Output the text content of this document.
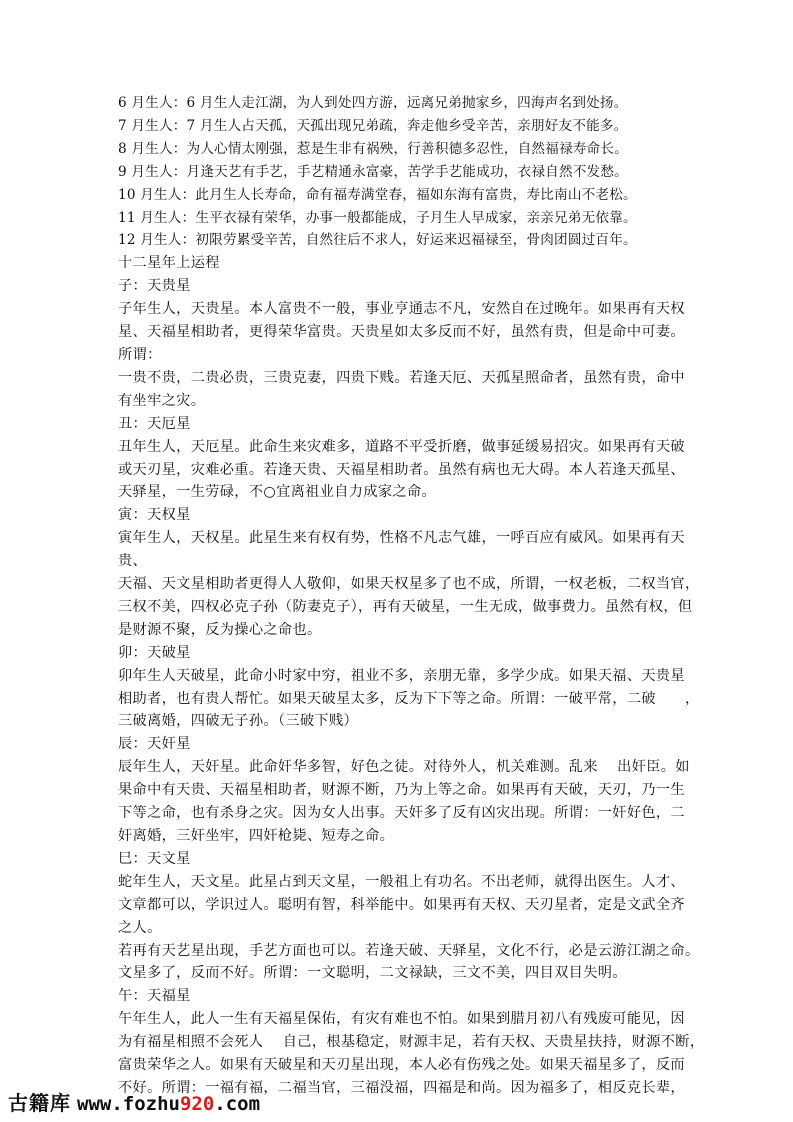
6 月生人：6 月生人走江湖，为人到处四方游，远离兄弟抛家乡，四海声名到处扬。
7 月生人：7 月生人占天孤，天孤出现兄弟疏，奔走他乡受辛苦，亲朋好友不能多。
8 月生人：为人心情太刚强，惹是生非有祸殃，行善积德多忍性，自然福禄寿命长。
9 月生人：月逢天艺有手艺，手艺精通永富豪，苦学手艺能成功，衣禄自然不发愁。
10 月生人：此月生人长寿命，命有福寿满堂春，福如东海有富贵，寿比南山不老松。
11 月生人：生平衣禄有荣华，办事一般都能成，子月生人早成家，亲亲兄弟无依靠。
12 月生人：初限劳累受辛苦，自然往后不求人，好运来迟福禄至，骨肉团圆过百年。
十二星年上运程
子：天贵星
子年生人，天贵星。本人富贵不一般，事业亨通志不凡，安然自在过晚年。如果再有天权
星、天福星相助者，更得荣华富贵。天贵星如太多反而不好，虽然有贵，但是命中可妻。
所谓：
一贵不贵，二贵必贵，三贵克妻，四贵下贱。若逢天厄、天孤星照命者，虽然有贵，命中
有坐牢之灾。
丑：天厄星
丑年生人，天厄星。此命生来灾难多，道路不平受折磨，做事延缓易招灾。如果再有天破
或天刃星，灾难必重。若逢天贵、天福星相助者。虽然有病也无大碍。本人若逢天孤星、
天驿星，一生劳碌，不○宜离祖业自力成家之命。
寅：天权星
寅年生人，天权星。此星生来有权有势，性格不凡志气雄，一呼百应有威风。如果再有天
贵、
天福、天文星相助者更得人人敬仰，如果天权星多了也不成，所谓，一权老板，二权当官，
三权不美，四权必克子孙（防妻克子），再有天破星，一生无成，做事费力。虽然有权，但
是财源不聚，反为操心之命也。
卯：天破星
卯年生人天破星，此命小时家中穷，祖业不多，亲朋无靠，多学少成。如果天福、天贵星
相助者，也有贵人帮忙。如果天破星太多，反为下下等之命。所谓：一破平常，二破　　，
三破离婚，四破无子孙。（三破下贱）
辰：天奸星
辰年生人，天奸星。此命奸华多智，好色之徒。对待外人，机关难测。乱来　 出奸臣。如
果命中有天贵、天福星相助者，财源不断，乃为上等之命。如果再有天破，天刃，乃一生
下等之命，也有杀身之灾。因为女人出事。天奸多了反有凶灾出现。所谓：一奸好色，二
奸离婚，三奸坐牢，四奸枪毙、短寿之命。
巳：天文星
蛇年生人，天文星。此星占到天文星，一般祖上有功名。不出老师，就得出医生。人才、
文章都可以，学识过人。聪明有智，科举能中。如果再有天权、天刃星者，定是文武全齐
之人。
若再有天艺星出现，手艺方面也可以。若逢天破、天驿星，文化不行，必是云游江湖之命。
文星多了，反而不好。所谓：一文聪明，二文禄缺，三文不美，四目双目失明。
午：天福星
午年生人，此人一生有天福星保佑，有灾有难也不怕。如果到腊月初八有残废可能见，因
为有福星相照不会死人　 自己，根基稳定，财源丰足，若有天权、天贵星扶持，财源不断，
富贵荣华之人。如果有天破星和天刃星出现，本人必有伤残之处。如果天福星多了，反而
不好。所谓：一福有福，二福当官，三福没福，四福是和尚。因为福多了，相反克长辈，
古籍库 www.fozhu920.com
